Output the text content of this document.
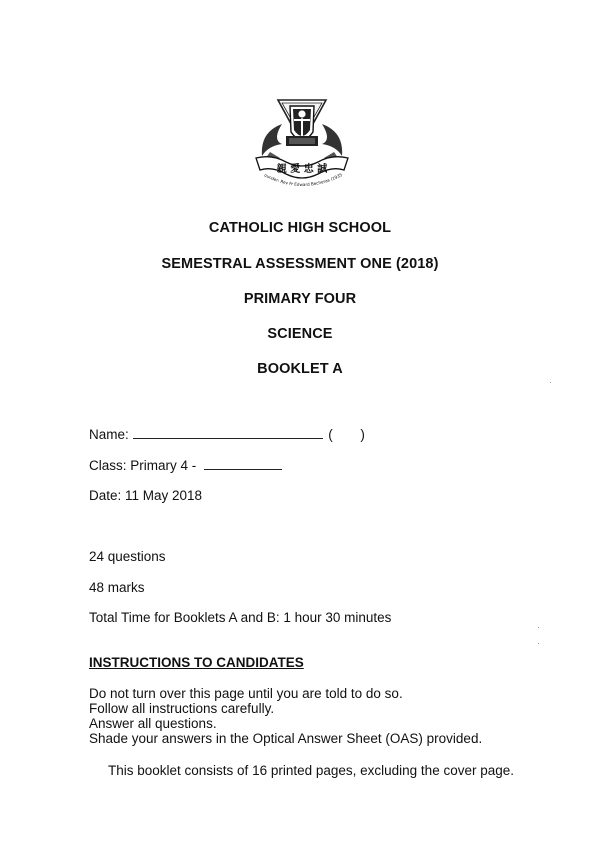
親 愛 忠 誠
ounder: Rev Fr Edward Becheras (1935
CATHOLIC HIGH SCHOOL
SEMESTRAL ASSESSMENT ONE (2018)
PRIMARY FOUR
SCIENCE
BOOKLET A
Name:	( )
Class: Primary 4 -
Date: 11 May 2018
24 questions
48 marks
Total Time for Booklets A and B: 1 hour 30 minutes
INSTRUCTIONS TO CANDIDATES
Do not turn over this page until you are told to do so.
Follow all instructions carefully.
Answer all questions.
Shade your answers in the Optical Answer Sheet (OAS) provided.
This booklet consists of 16 printed pages, excluding the cover page.
